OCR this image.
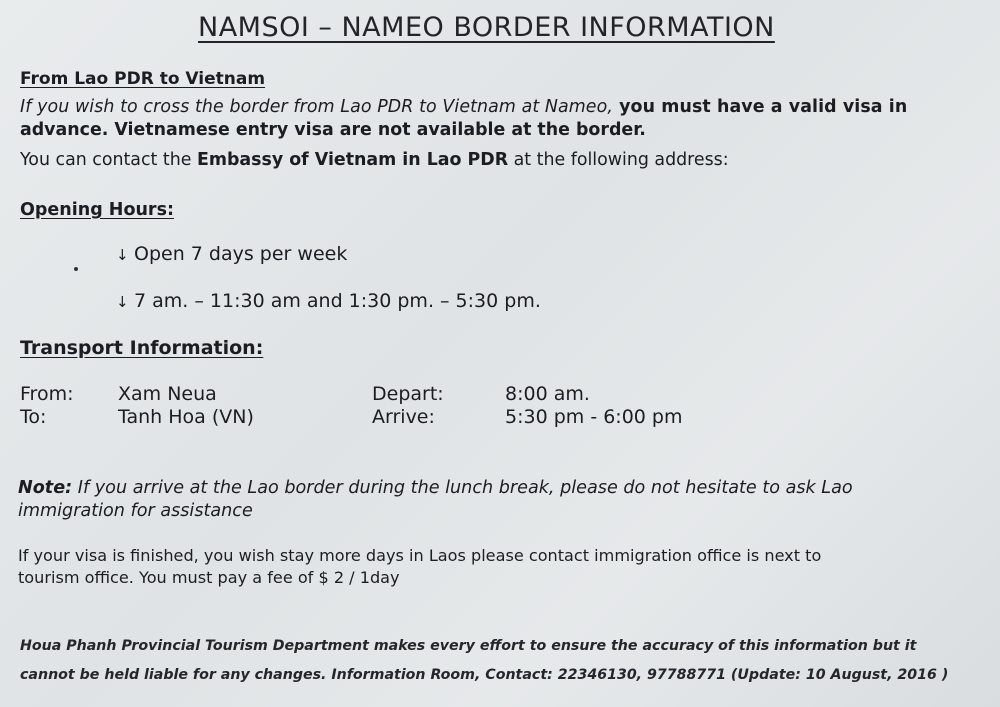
NAMSOI – NAMEO BORDER INFORMATION
From Lao PDR to Vietnam
If you wish to cross the border from Lao PDR to Vietnam at Nameo, you must have a valid visa in
advance. Vietnamese entry visa are not available at the border.
You can contact the Embassy of Vietnam in Lao PDR at the following address:
Opening Hours:
↓ Open 7 days per week
↓ 7 am. – 11:30 am and 1:30 pm. – 5:30 pm.
Transport Information:
From: Xam Neua	Depart:	8:00 am.
To:	Tanh Hoa (VN)	Arrive:	5:30 pm - 6:00 pm
Note: If you arrive at the Lao border during the lunch break, please do not hesitate to ask Lao
immigration for assistance
If your visa is finished, you wish stay more days in Laos please contact immigration office is next to
tourism office. You must pay a fee of $ 2 / 1day
Houa Phanh Provincial Tourism Department makes every effort to ensure the accuracy of this information but it
cannot be held liable for any changes. Information Room, Contact: 22346130, 97788771 (Update: 10 August, 2016 )
